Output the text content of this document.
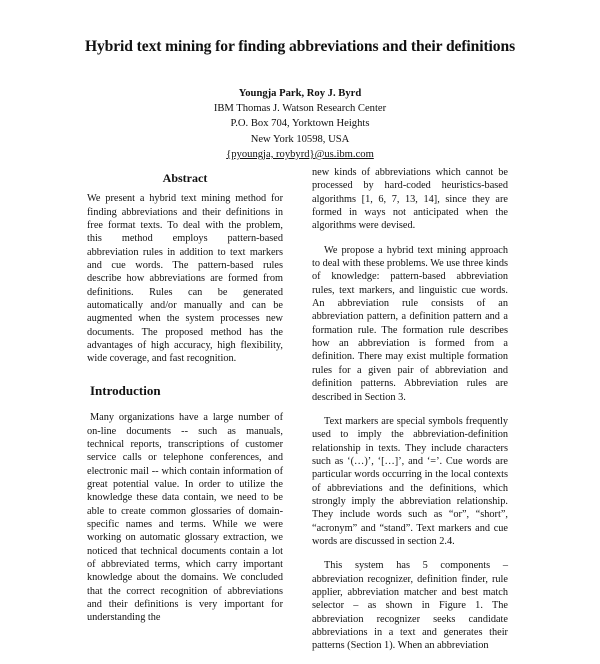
Hybrid text mining for finding abbreviations and their definitions
Youngja Park, Roy J. Byrd
IBM Thomas J. Watson Research Center
P.O. Box 704, Yorktown Heights
New York 10598, USA
{pyoungja, roybyrd}@us.ibm.com
Abstract

We present a hybrid text mining method for finding abbreviations and their definitions in free format texts. To deal with the problem, this method employs pattern-based abbreviation rules in addition to text markers and cue words. The pattern-based rules describe how abbreviations are formed from definitions. Rules can be generated automatically and/or manually and can be augmented when the system processes new documents. The proposed method has the advantages of high accuracy, high flexibility, wide coverage, and fast recognition.

Introduction

Many organizations have a large number of on-line documents -- such as manuals, technical reports, transcriptions of customer service calls or telephone conferences, and electronic mail -- which contain information of great potential value. In order to utilize the knowledge these data contain, we need to be able to create common glossaries of domain-specific names and terms. While we were working on automatic glossary extraction, we noticed that technical documents contain a lot of abbreviated terms, which carry important knowledge about the domains. We concluded that the correct recognition of abbreviations and their definitions is very important for understanding the

new kinds of abbreviations which cannot be processed by hard-coded heuristics-based algorithms [1, 6, 7, 13, 14], since they are formed in ways not anticipated when the algorithms were devised.

We propose a hybrid text mining approach to deal with these problems. We use three kinds of knowledge: pattern-based abbreviation rules, text markers, and linguistic cue words. An abbreviation rule consists of an abbreviation pattern, a definition pattern and a formation rule. The formation rule describes how an abbreviation is formed from a definition. There may exist multiple formation rules for a given pair of abbreviation and definition patterns. Abbreviation rules are described in Section 3.

Text markers are special symbols frequently used to imply the abbreviation-definition relationship in texts. They include characters such as ‘(…)’, ‘[…]’, and ‘=’. Cue words are particular words occurring in the local contexts of abbreviations and the definitions, which strongly imply the abbreviation relationship. They include words such as “or”, “short”, “acronym” and “stand”. Text markers and cue words are discussed in section 2.4.

This system has 5 components – abbreviation recognizer, definition finder, rule applier, abbreviation matcher and best match selector – as shown in Figure 1. The abbreviation recognizer seeks candidate abbreviations in a text and generates their patterns (Section 1). When an abbreviation
